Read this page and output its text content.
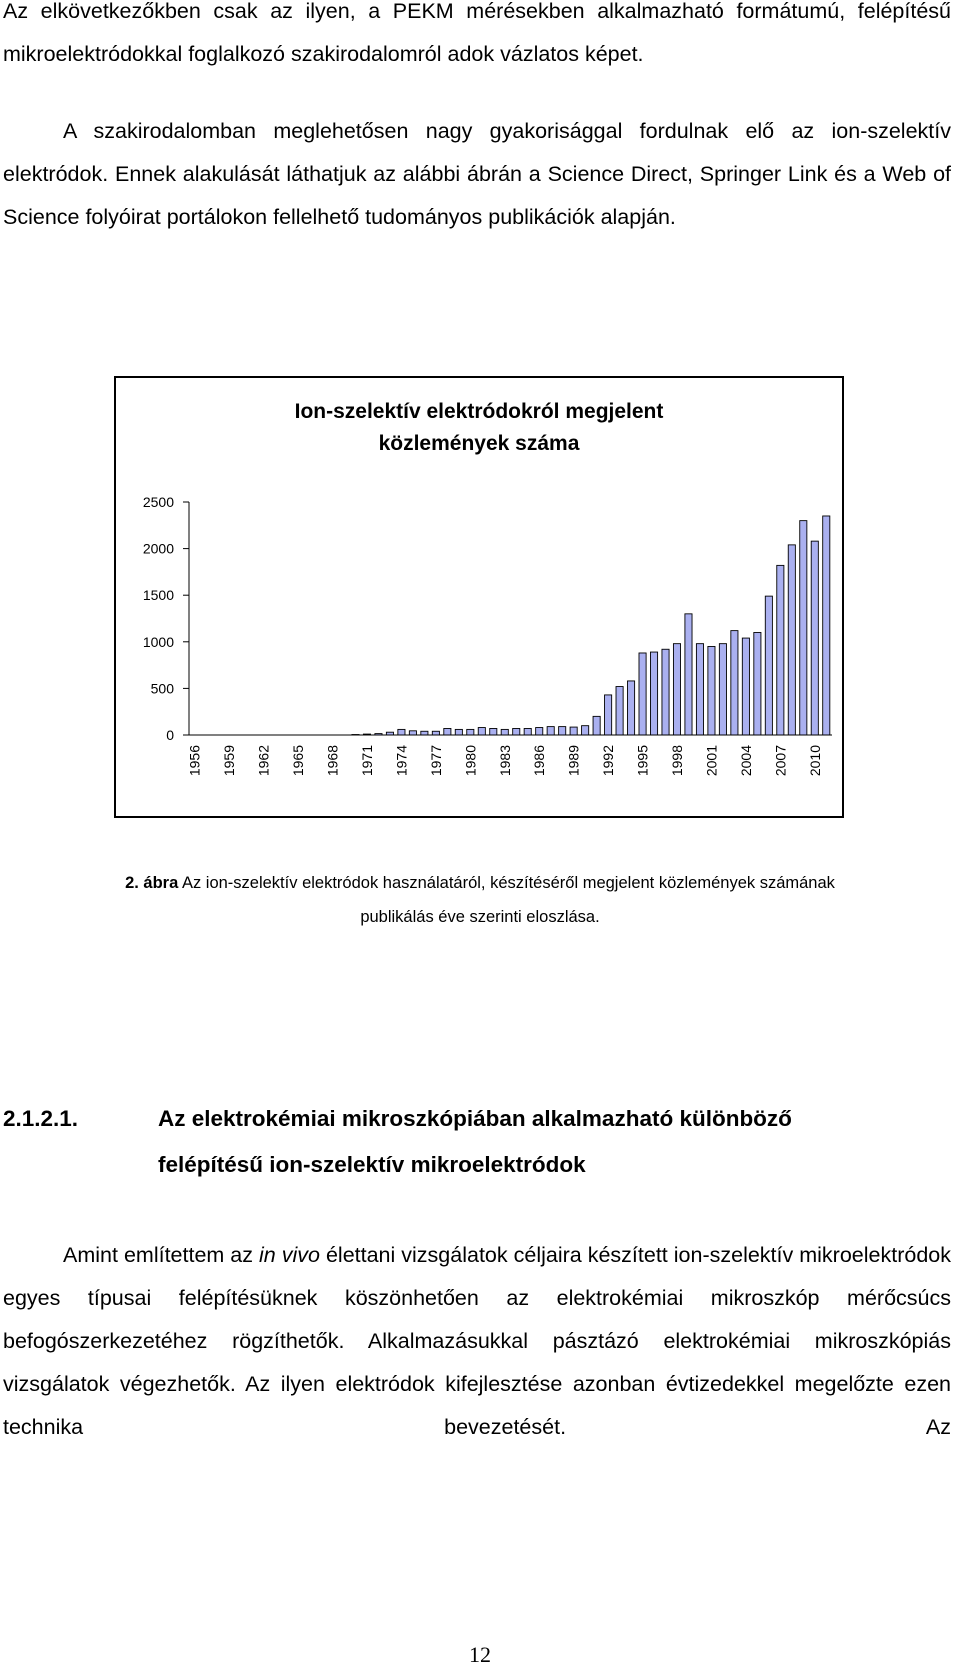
Az elkövetkezőkben csak az ilyen, a PEKM mérésekben alkalmazható formátumú, felépítésű mikroelektródokkal foglalkozó szakirodalomról adok vázlatos képet.

A szakirodalomban meglehetősen nagy gyakorisággal fordulnak elő az ion-szelektív elektródok. Ennek alakulását láthatjuk az alábbi ábrán a Science Direct, Springer Link és a Web of Science folyóirat portálokon fellelhető tudományos publikációk alapján.

Ion-szelektív elektródokról megjelent
közlemények száma
0
500
1000
1500
2000
2500
1956 1959 1962 1965 1968 1971 1974 1977 1980 1983 1986 1989 1992 1995 1998 2001 2004 2007 2010
2. ábra Az ion-szelektív elektródok használatáról, készítéséről megjelent közlemények számának publikálás éve szerinti eloszlása.
2.1.2.1.	Az elektrokémiai mikroszkópiában alkalmazható különböző
felépítésű ion-szelektív mikroelektródok

Amint említettem az in vivo élettani vizsgálatok céljaira készített ion-szelektív mikroelektródok egyes típusai felépítésüknek köszönhetően az elektrokémiai mikroszkóp mérőcsúcs befogószerkezetéhez rögzíthetők. Alkalmazásukkal pásztázó elektrokémiai mikroszkópiás vizsgálatok végezhetők. Az ilyen elektródok kifejlesztése azonban évtizedekkel megelőzte ezen technika bevezetését. Az

12
